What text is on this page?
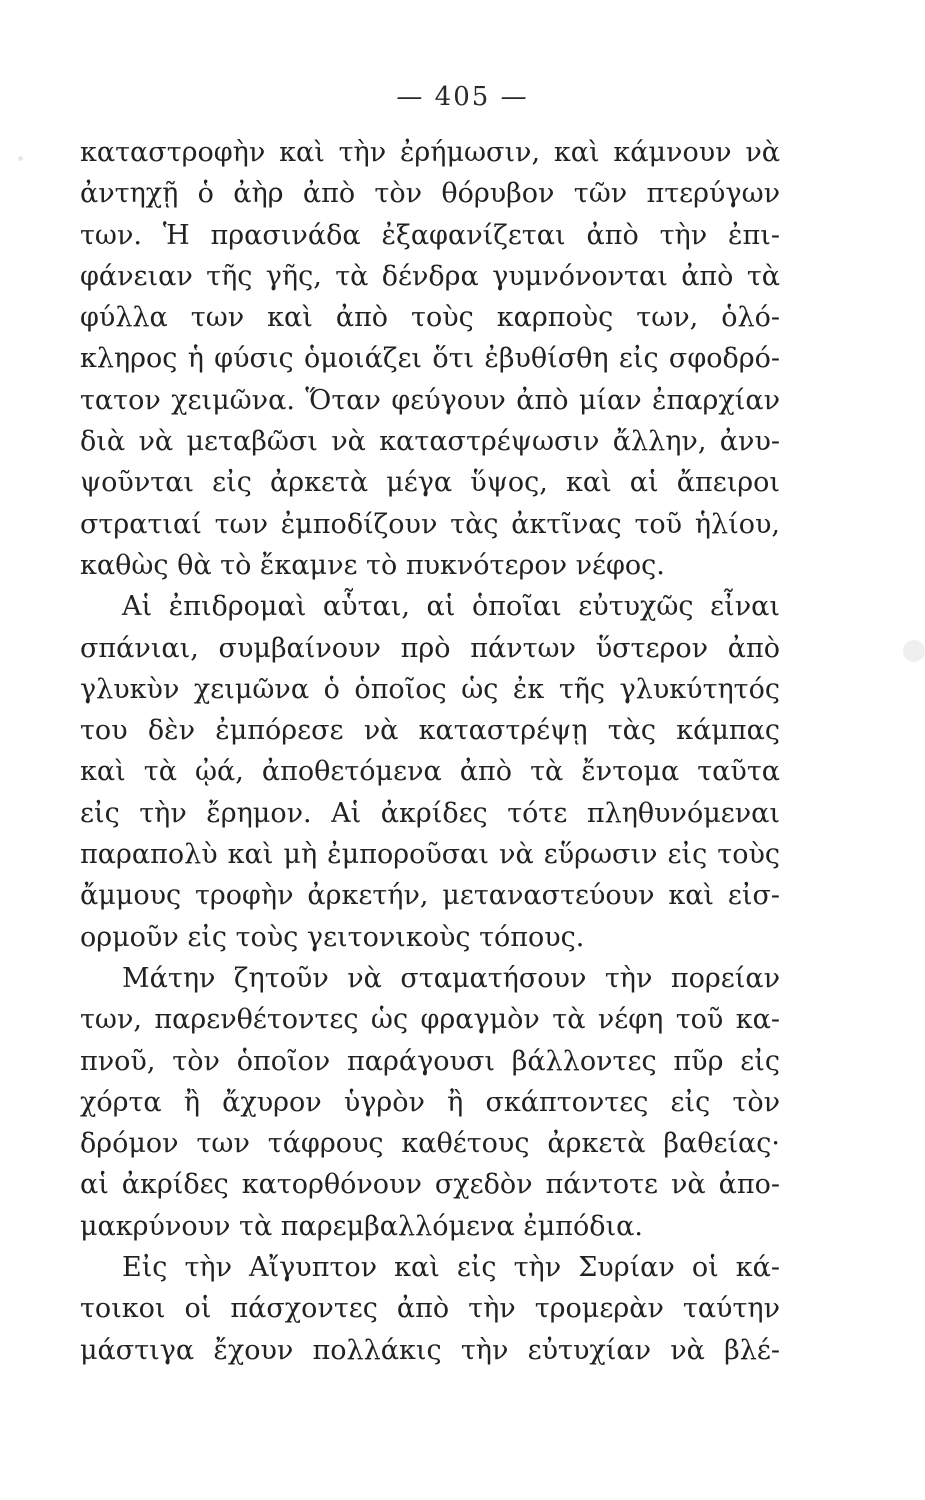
— 405 —
καταστροφὴν καὶ τὴν ἐρήμωσιν, καὶ κάμνουν νὰ
ἀντηχῇ ὁ ἀὴρ ἀπὸ τὸν θόρυβον τῶν πτερύγων
των. Ἡ πρασινάδα ἐξαφανίζεται ἀπὸ τὴν ἐπι-
φάνειαν τῆς γῆς, τὰ δένδρα γυμνόνονται ἀπὸ τὰ
φύλλα των καὶ ἀπὸ τοὺς καρποὺς των, ὁλό-
κληρος ἡ φύσις ὁμοιάζει ὅτι ἐβυθίσθη εἰς σφοδρό-
τατον χειμῶνα. Ὅταν φεύγουν ἀπὸ μίαν ἐπαρχίαν
διὰ νὰ μεταβῶσι νὰ καταστρέψωσιν ἄλλην, ἀνυ-
ψοῦνται εἰς ἀρκετὰ μέγα ὕψος, καὶ αἱ ἄπειροι
στρατιαί των ἐμποδίζουν τὰς ἀκτῖνας τοῦ ἡλίου,
καθὼς θὰ τὸ ἔκαμνε τὸ πυκνότερον νέφος.
Αἱ ἐπιδρομαὶ αὗται, αἱ ὁποῖαι εὐτυχῶς εἶναι
σπάνιαι, συμβαίνουν πρὸ πάντων ὕστερον ἀπὸ
γλυκὺν χειμῶνα ὁ ὁποῖος ὡς ἐκ τῆς γλυκύτητός
του δὲν ἐμπόρεσε νὰ καταστρέψῃ τὰς κάμπας
καὶ τὰ ᾠά, ἀποθετόμενα ἀπὸ τὰ ἔντομα ταῦτα
εἰς τὴν ἔρημον. Αἱ ἀκρίδες τότε πληθυνόμεναι
παραπολὺ καὶ μὴ ἐμποροῦσαι νὰ εὕρωσιν εἰς τοὺς
ἄμμους τροφὴν ἀρκετήν, μεταναστεύουν καὶ εἰσ-
ορμοῦν εἰς τοὺς γειτονικοὺς τόπους.
Μάτην ζητοῦν νὰ σταματήσουν τὴν πορείαν
των, παρενθέτοντες ὡς φραγμὸν τὰ νέφη τοῦ κα-
πνοῦ, τὸν ὁποῖον παράγουσι βάλλοντες πῦρ εἰς
χόρτα ἢ ἄχυρον ὑγρὸν ἢ σκάπτοντες εἰς τὸν
δρόμον των τάφρους καθέτους ἀρκετὰ βαθείας·
αἱ ἀκρίδες κατορθόνουν σχεδὸν πάντοτε νὰ ἀπο-
μακρύνουν τὰ παρεμβαλλόμενα ἐμπόδια.
Εἰς τὴν Αἴγυπτον καὶ εἰς τὴν Συρίαν οἱ κά-
τοικοι οἱ πάσχοντες ἀπὸ τὴν τρομερὰν ταύτην
μάστιγα ἔχουν πολλάκις τὴν εὐτυχίαν νὰ βλέ-
